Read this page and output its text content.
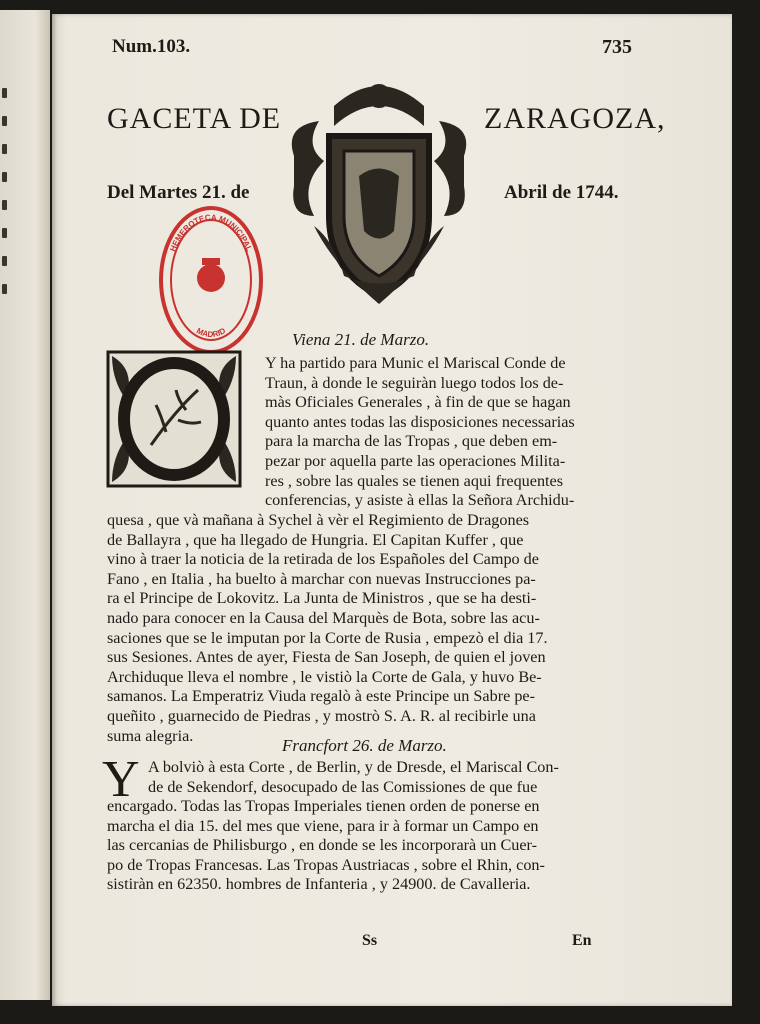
Num.103.	735
GACETA DE	ZARAGOZA,
Del Martes 21. de	Abril de 1744.
HEMEROTECA MUNICIPAL
MADRID	Viena 21. de Marzo.
Y ha partido para Munic el Mariscal Conde de
Traun, à donde le seguiràn luego todos los de-
màs Oficiales Generales , à fin de que se hagan
quanto antes todas las disposiciones necessarias
para la marcha de las Tropas , que deben em-
pezar por aquella parte las operaciones Milita-
res , sobre las quales se tienen aqui frequentes
conferencias, y asiste à ellas la Señora Archidu-
quesa , que và mañana à Sychel à vèr el Regimiento de Dragones
de Ballayra , que ha llegado de Hungria. El Capitan Kuffer , que
vino à traer la noticia de la retirada de los Españoles del Campo de
Fano , en Italia , ha buelto à marchar con nuevas Instrucciones pa-
ra el Principe de Lokovitz. La Junta de Ministros , que se ha desti-
nado para conocer en la Causa del Marquès de Bota, sobre las acu-
saciones que se le imputan por la Corte de Rusia , empezò el dia 17.
sus Sesiones. Antes de ayer, Fiesta de San Joseph, de quien el joven
Archiduque lleva el nombre , le vistiò la Corte de Gala, y huvo Be-
samanos. La Emperatriz Viuda regalò à este Principe un Sabre pe-
queñito , guarnecido de Piedras , y mostrò S. A. R. al recibirle una
suma alegria.
Francfort 26. de Marzo.
Y A bolviò à esta Corte , de Berlin, y de Dresde, el Mariscal Con-
de de Sekendorf, desocupado de las Comissiones de que fue
encargado. Todas las Tropas Imperiales tienen orden de ponerse en
marcha el dia 15. del mes que viene, para ir à formar un Campo en
las cercanias de Philisburgo , en donde se les incorporarà un Cuer-
po de Tropas Francesas. Las Tropas Austriacas , sobre el Rhin, con-
sistiràn en 62350. hombres de Infanteria , y 24900. de Cavalleria.
Ss	En
